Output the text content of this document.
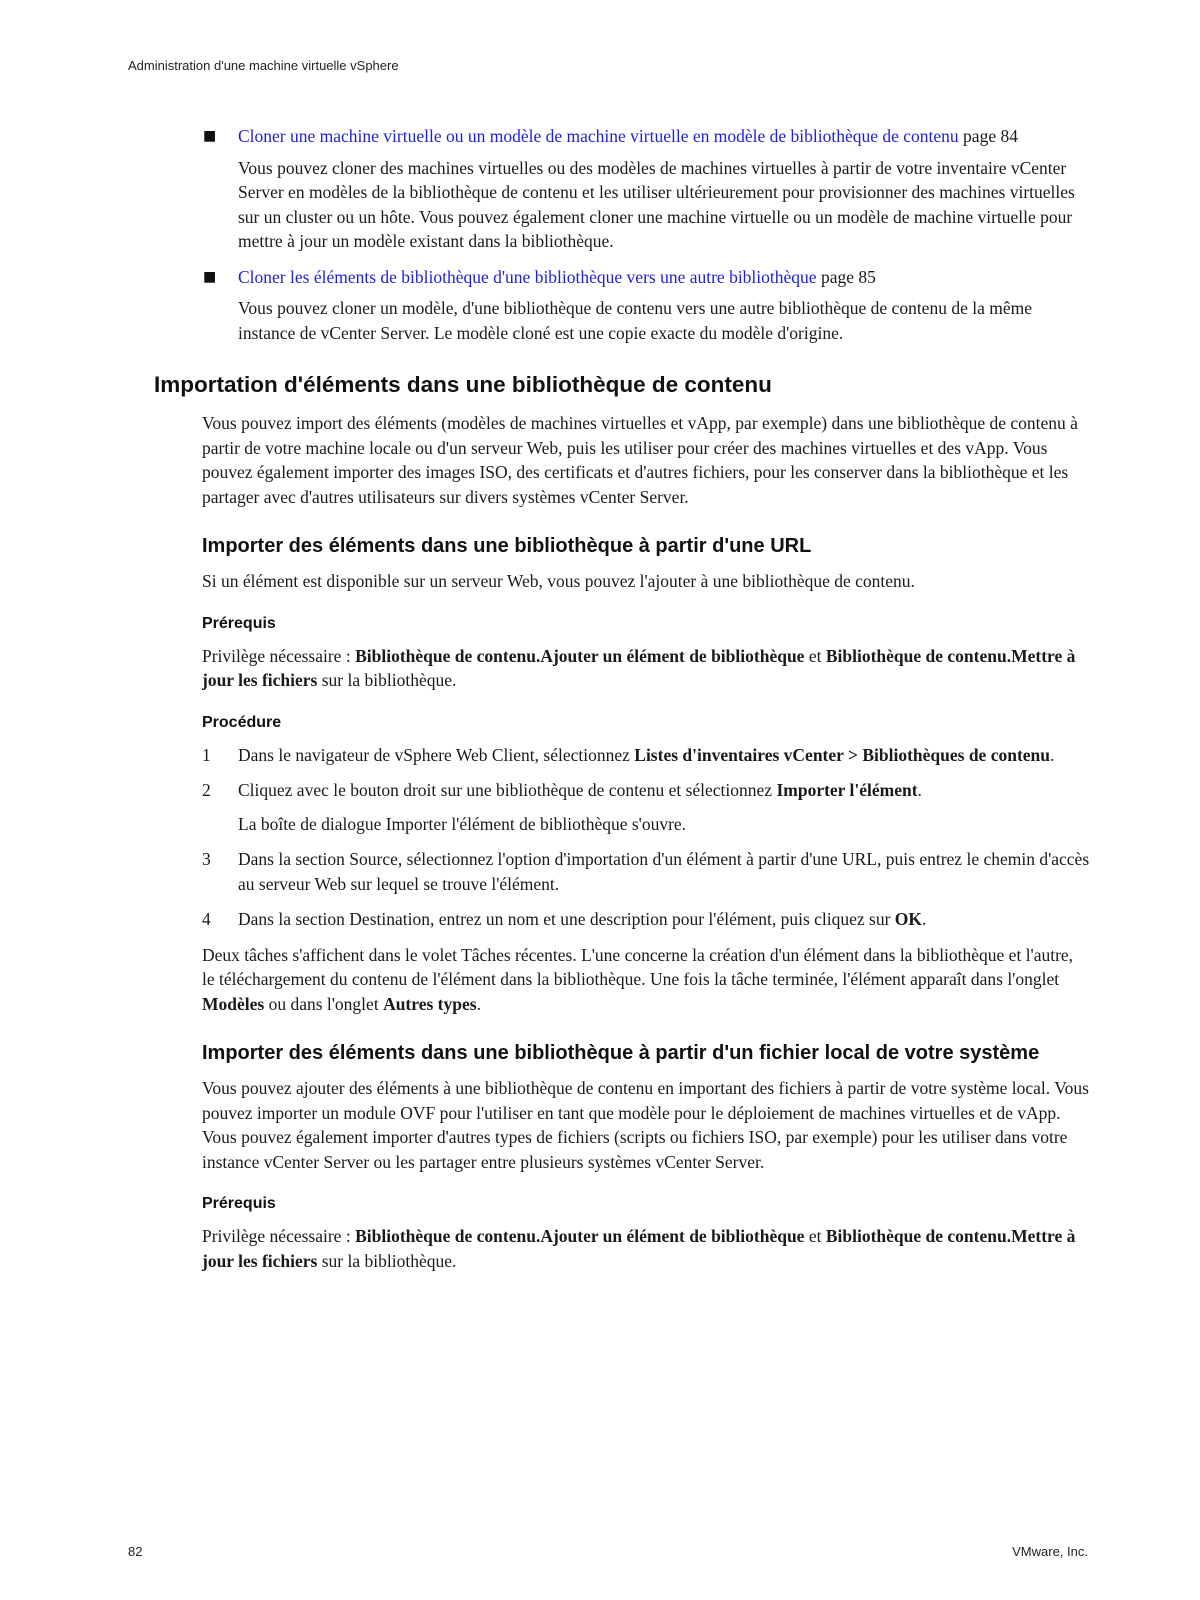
Administration d'une machine virtuelle vSphere
■ Cloner une machine virtuelle ou un modèle de machine virtuelle en modèle de bibliothèque de contenu page 84
Vous pouvez cloner des machines virtuelles ou des modèles de machines virtuelles à partir de votre inventaire vCenter Server en modèles de la bibliothèque de contenu et les utiliser ultérieurement pour provisionner des machines virtuelles sur un cluster ou un hôte. Vous pouvez également cloner une machine virtuelle ou un modèle de machine virtuelle pour mettre à jour un modèle existant dans la bibliothèque.
■ Cloner les éléments de bibliothèque d'une bibliothèque vers une autre bibliothèque page 85
Vous pouvez cloner un modèle, d'une bibliothèque de contenu vers une autre bibliothèque de contenu de la même instance de vCenter Server. Le modèle cloné est une copie exacte du modèle d'origine.
Importation d'éléments dans une bibliothèque de contenu

Vous pouvez import des éléments (modèles de machines virtuelles et vApp, par exemple) dans une bibliothèque de contenu à partir de votre machine locale ou d'un serveur Web, puis les utiliser pour créer des machines virtuelles et des vApp. Vous pouvez également importer des images ISO, des certificats et d'autres fichiers, pour les conserver dans la bibliothèque et les partager avec d'autres utilisateurs sur divers systèmes vCenter Server.

Importer des éléments dans une bibliothèque à partir d'une URL

Si un élément est disponible sur un serveur Web, vous pouvez l'ajouter à une bibliothèque de contenu.

Prérequis

Privilège nécessaire : Bibliothèque de contenu.Ajouter un élément de bibliothèque et Bibliothèque de contenu.Mettre à jour les fichiers sur la bibliothèque.

Procédure
1 Dans le navigateur de vSphere Web Client, sélectionnez Listes d'inventaires vCenter > Bibliothèques de contenu.
2 Cliquez avec le bouton droit sur une bibliothèque de contenu et sélectionnez Importer l'élément.
La boîte de dialogue Importer l'élément de bibliothèque s'ouvre.
3 Dans la section Source, sélectionnez l'option d'importation d'un élément à partir d'une URL, puis entrez le chemin d'accès au serveur Web sur lequel se trouve l'élément.
4 Dans la section Destination, entrez un nom et une description pour l'élément, puis cliquez sur OK.

Deux tâches s'affichent dans le volet Tâches récentes. L'une concerne la création d'un élément dans la bibliothèque et l'autre, le téléchargement du contenu de l'élément dans la bibliothèque. Une fois la tâche terminée, l'élément apparaît dans l'onglet Modèles ou dans l'onglet Autres types.

Importer des éléments dans une bibliothèque à partir d'un fichier local de votre système

Vous pouvez ajouter des éléments à une bibliothèque de contenu en important des fichiers à partir de votre système local. Vous pouvez importer un module OVF pour l'utiliser en tant que modèle pour le déploiement de machines virtuelles et de vApp. Vous pouvez également importer d'autres types de fichiers (scripts ou fichiers ISO, par exemple) pour les utiliser dans votre instance vCenter Server ou les partager entre plusieurs systèmes vCenter Server.

Prérequis

Privilège nécessaire : Bibliothèque de contenu.Ajouter un élément de bibliothèque et Bibliothèque de contenu.Mettre à jour les fichiers sur la bibliothèque.

82	VMware, Inc.
